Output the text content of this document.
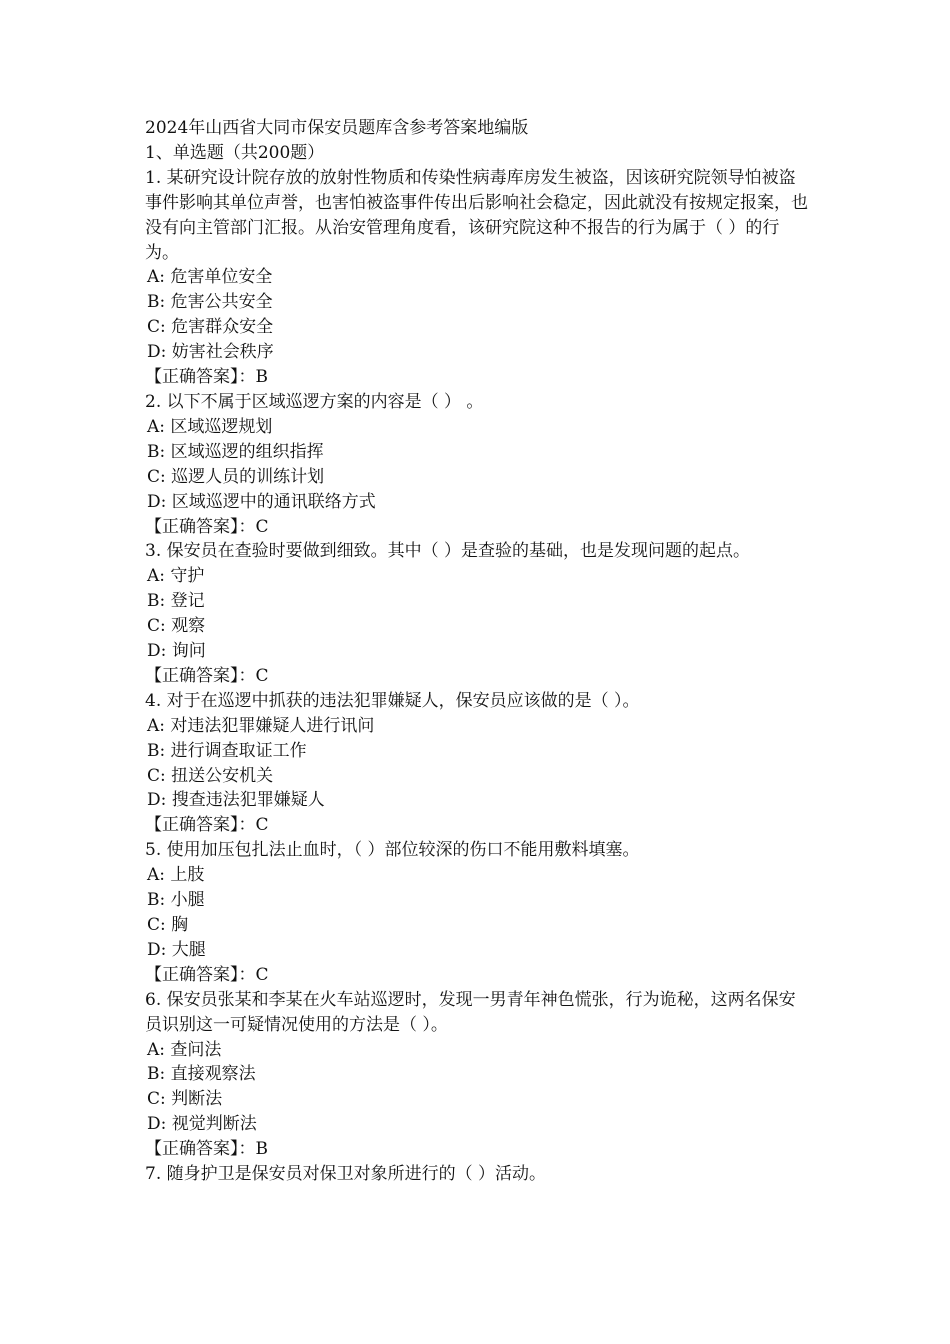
2024年山西省大同市保安员题库含参考答案地编版
1、单选题（共200题）
1. 某研究设计院存放的放射性物质和传染性病毒库房发生被盗，因该研究院领导怕被盗事件影响其单位声誉，也害怕被盗事件传出后影响社会稳定，因此就没有按规定报案，也没有向主管部门汇报。从治安管理角度看，该研究院这种不报告的行为属于（ ）的行为。
A: 危害单位安全
B: 危害公共安全
C: 危害群众安全
D: 妨害社会秩序
【正确答案】：B
2. 以下不属于区域巡逻方案的内容是（ ） 。
A: 区域巡逻规划
B: 区域巡逻的组织指挥
C: 巡逻人员的训练计划
D: 区域巡逻中的通讯联络方式
【正确答案】：C
3. 保安员在查验时要做到细致。其中（ ）是查验的基础，也是发现问题的起点。
A: 守护
B: 登记
C: 观察
D: 询问
【正确答案】：C
4. 对于在巡逻中抓获的违法犯罪嫌疑人，保安员应该做的是（ ）。
A: 对违法犯罪嫌疑人进行讯问
B: 进行调查取证工作
C: 扭送公安机关
D: 搜查违法犯罪嫌疑人
【正确答案】：C
5. 使用加压包扎法止血时，（ ）部位较深的伤口不能用敷料填塞。
A: 上肢
B: 小腿
C: 胸
D: 大腿
【正确答案】：C
6. 保安员张某和李某在火车站巡逻时，发现一男青年神色慌张，行为诡秘，这两名保安员识别这一可疑情况使用的方法是（ ）。
A: 查问法
B: 直接观察法
C: 判断法
D: 视觉判断法
【正确答案】：B
7. 随身护卫是保安员对保卫对象所进行的（ ）活动。
